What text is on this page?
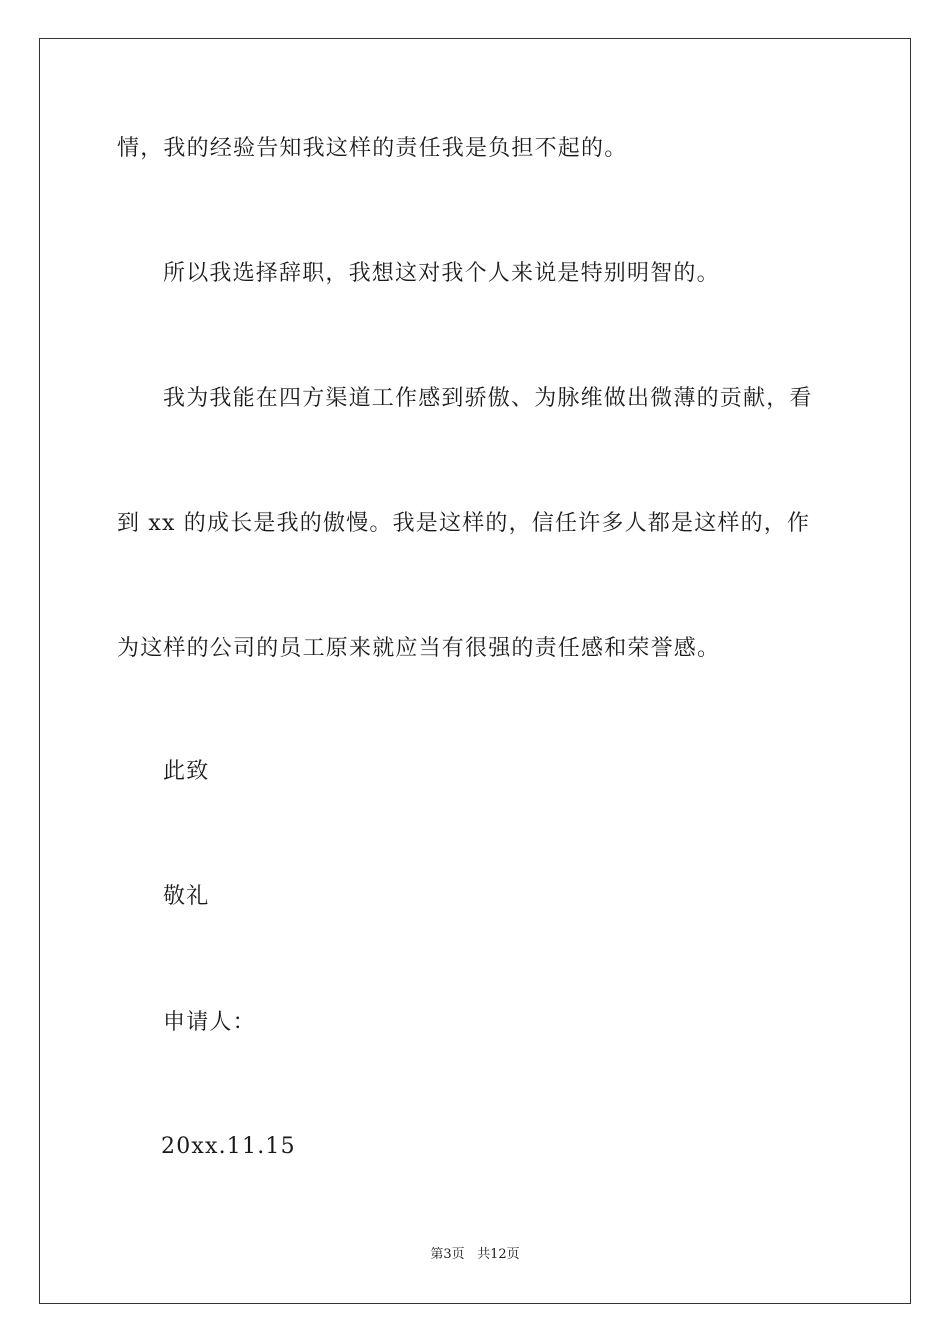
情，我的经验告知我这样的责任我是负担不起的。
所以我选择辞职，我想这对我个人来说是特别明智的。
我为我能在四方渠道工作感到骄傲、为脉维做出微薄的贡献，看
到 xx 的成长是我的傲慢。我是这样的，信任许多人都是这样的，作
为这样的公司的员工原来就应当有很强的责任感和荣誉感。
此致
敬礼
申请人：
20xx.11.15
第3页 共12页
